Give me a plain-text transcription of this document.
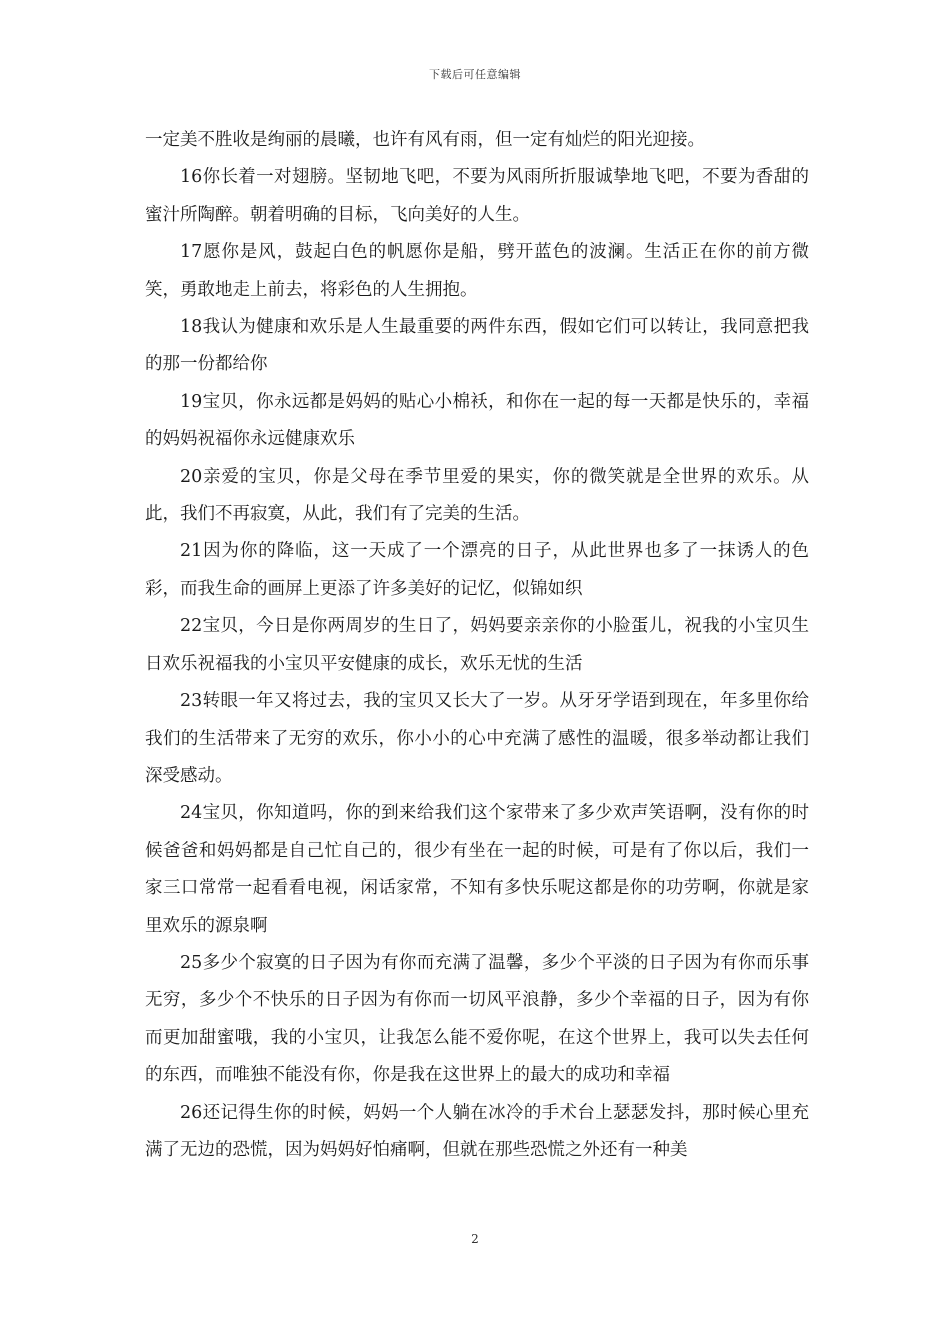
下载后可任意编辑

一定美不胜收是绚丽的晨曦，也许有风有雨，但一定有灿烂的阳光迎接。

16你长着一对翅膀。坚韧地飞吧，不要为风雨所折服诚挚地飞吧，不要为香甜的蜜汁所陶醉。朝着明确的目标，飞向美好的人生。

17愿你是风，鼓起白色的帆愿你是船，劈开蓝色的波澜。生活正在你的前方微笑，勇敢地走上前去，将彩色的人生拥抱。

18我认为健康和欢乐是人生最重要的两件东西，假如它们可以转让，我同意把我的那一份都给你

19宝贝，你永远都是妈妈的贴心小棉袄，和你在一起的每一天都是快乐的，幸福的妈妈祝福你永远健康欢乐

20亲爱的宝贝，你是父母在季节里爱的果实，你的微笑就是全世界的欢乐。从此，我们不再寂寞，从此，我们有了完美的生活。

21因为你的降临，这一天成了一个漂亮的日子，从此世界也多了一抹诱人的色彩，而我生命的画屏上更添了许多美好的记忆，似锦如织

22宝贝，今日是你两周岁的生日了，妈妈要亲亲你的小脸蛋儿，祝我的小宝贝生日欢乐祝福我的小宝贝平安健康的成长，欢乐无忧的生活

23转眼一年又将过去，我的宝贝又长大了一岁。从牙牙学语到现在，年多里你给我们的生活带来了无穷的欢乐，你小小的心中充满了感性的温暖，很多举动都让我们深受感动。

24宝贝，你知道吗，你的到来给我们这个家带来了多少欢声笑语啊，没有你的时候爸爸和妈妈都是自己忙自己的，很少有坐在一起的时候，可是有了你以后，我们一家三口常常一起看看电视，闲话家常，不知有多快乐呢这都是你的功劳啊，你就是家里欢乐的源泉啊

25多少个寂寞的日子因为有你而充满了温馨，多少个平淡的日子因为有你而乐事无穷，多少个不快乐的日子因为有你而一切风平浪静，多少个幸福的日子，因为有你而更加甜蜜哦，我的小宝贝，让我怎么能不爱你呢，在这个世界上，我可以失去任何的东西，而唯独不能没有你，你是我在这世界上的最大的成功和幸福

26还记得生你的时候，妈妈一个人躺在冰冷的手术台上瑟瑟发抖，那时候心里充满了无边的恐慌，因为妈妈好怕痛啊，但就在那些恐慌之外还有一种美

2
